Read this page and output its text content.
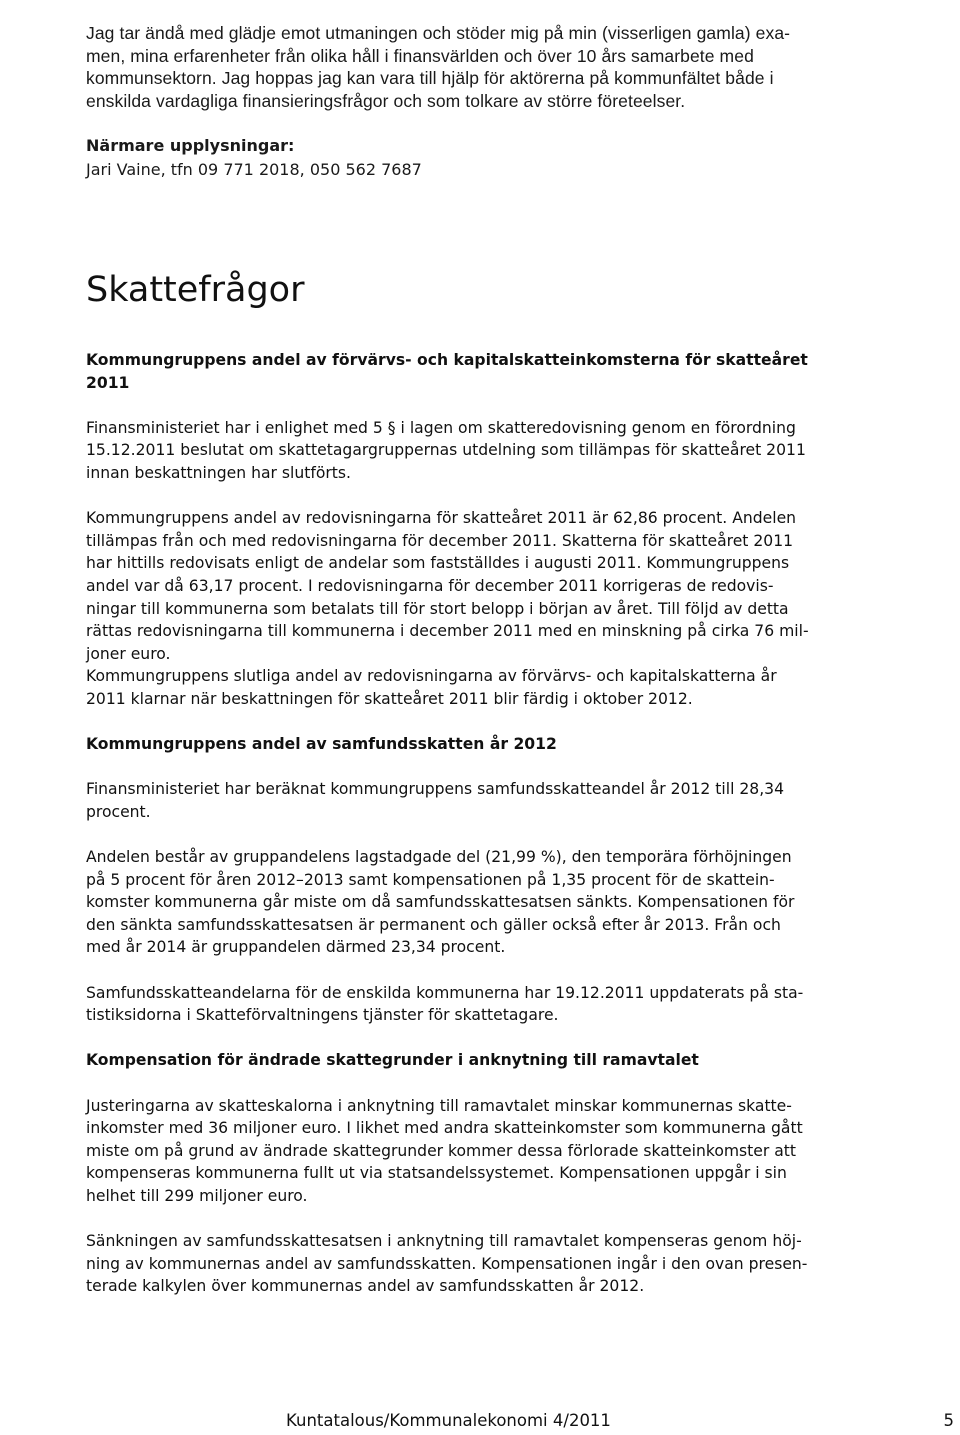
Jag tar ändå med glädje emot utmaningen och stöder mig på min (visserligen gamla) exa-
men, mina erfarenheter från olika håll i finansvärlden och över 10 års samarbete med
kommunsektorn. Jag hoppas jag kan vara till hjälp för aktörerna på kommunfältet både i
enskilda vardagliga finansieringsfrågor och som tolkare av större företeelser.
Närmare upplysningar:
Jari Vaine, tfn 09 771 2018, 050 562 7687
Skattefrågor
Kommungruppens andel av förvärvs- och kapitalskatteinkomsterna för skatteåret
2011

Finansministeriet har i enlighet med 5 § i lagen om skatteredovisning genom en förordning
15.12.2011 beslutat om skattetagargruppernas utdelning som tillämpas för skatteåret 2011
innan beskattningen har slutförts.

Kommungruppens andel av redovisningarna för skatteåret 2011 är 62,86 procent. Andelen
tillämpas från och med redovisningarna för december 2011. Skatterna för skatteåret 2011
har hittills redovisats enligt de andelar som fastställdes i augusti 2011. Kommungruppens
andel var då 63,17 procent. I redovisningarna för december 2011 korrigeras de redovis-
ningar till kommunerna som betalats till för stort belopp i början av året. Till följd av detta
rättas redovisningarna till kommunerna i december 2011 med en minskning på cirka 76 mil-
joner euro.
Kommungruppens slutliga andel av redovisningarna av förvärvs- och kapitalskatterna år
2011 klarnar när beskattningen för skatteåret 2011 blir färdig i oktober 2012.

Kommungruppens andel av samfundsskatten år 2012

Finansministeriet har beräknat kommungruppens samfundsskatteandel år 2012 till 28,34
procent.

Andelen består av gruppandelens lagstadgade del (21,99 %), den temporära förhöjningen
på 5 procent för åren 2012–2013 samt kompensationen på 1,35 procent för de skattein-
komster kommunerna går miste om då samfundsskattesatsen sänkts. Kompensationen för
den sänkta samfundsskattesatsen är permanent och gäller också efter år 2013. Från och
med år 2014 är gruppandelen därmed 23,34 procent.

Samfundsskatteandelarna för de enskilda kommunerna har 19.12.2011 uppdaterats på sta-
tistiksidorna i Skatteförvaltningens tjänster för skattetagare.

Kompensation för ändrade skattegrunder i anknytning till ramavtalet

Justeringarna av skatteskalorna i anknytning till ramavtalet minskar kommunernas skatte-
inkomster med 36 miljoner euro. I likhet med andra skatteinkomster som kommunerna gått
miste om på grund av ändrade skattegrunder kommer dessa förlorade skatteinkomster att
kompenseras kommunerna fullt ut via statsandelssystemet. Kompensationen uppgår i sin
helhet till 299 miljoner euro.

Sänkningen av samfundsskattesatsen i anknytning till ramavtalet kompenseras genom höj-
ning av kommunernas andel av samfundsskatten. Kompensationen ingår i den ovan presen-
terade kalkylen över kommunernas andel av samfundsskatten år 2012.

Kuntatalous/Kommunalekonomi 4/2011	5
